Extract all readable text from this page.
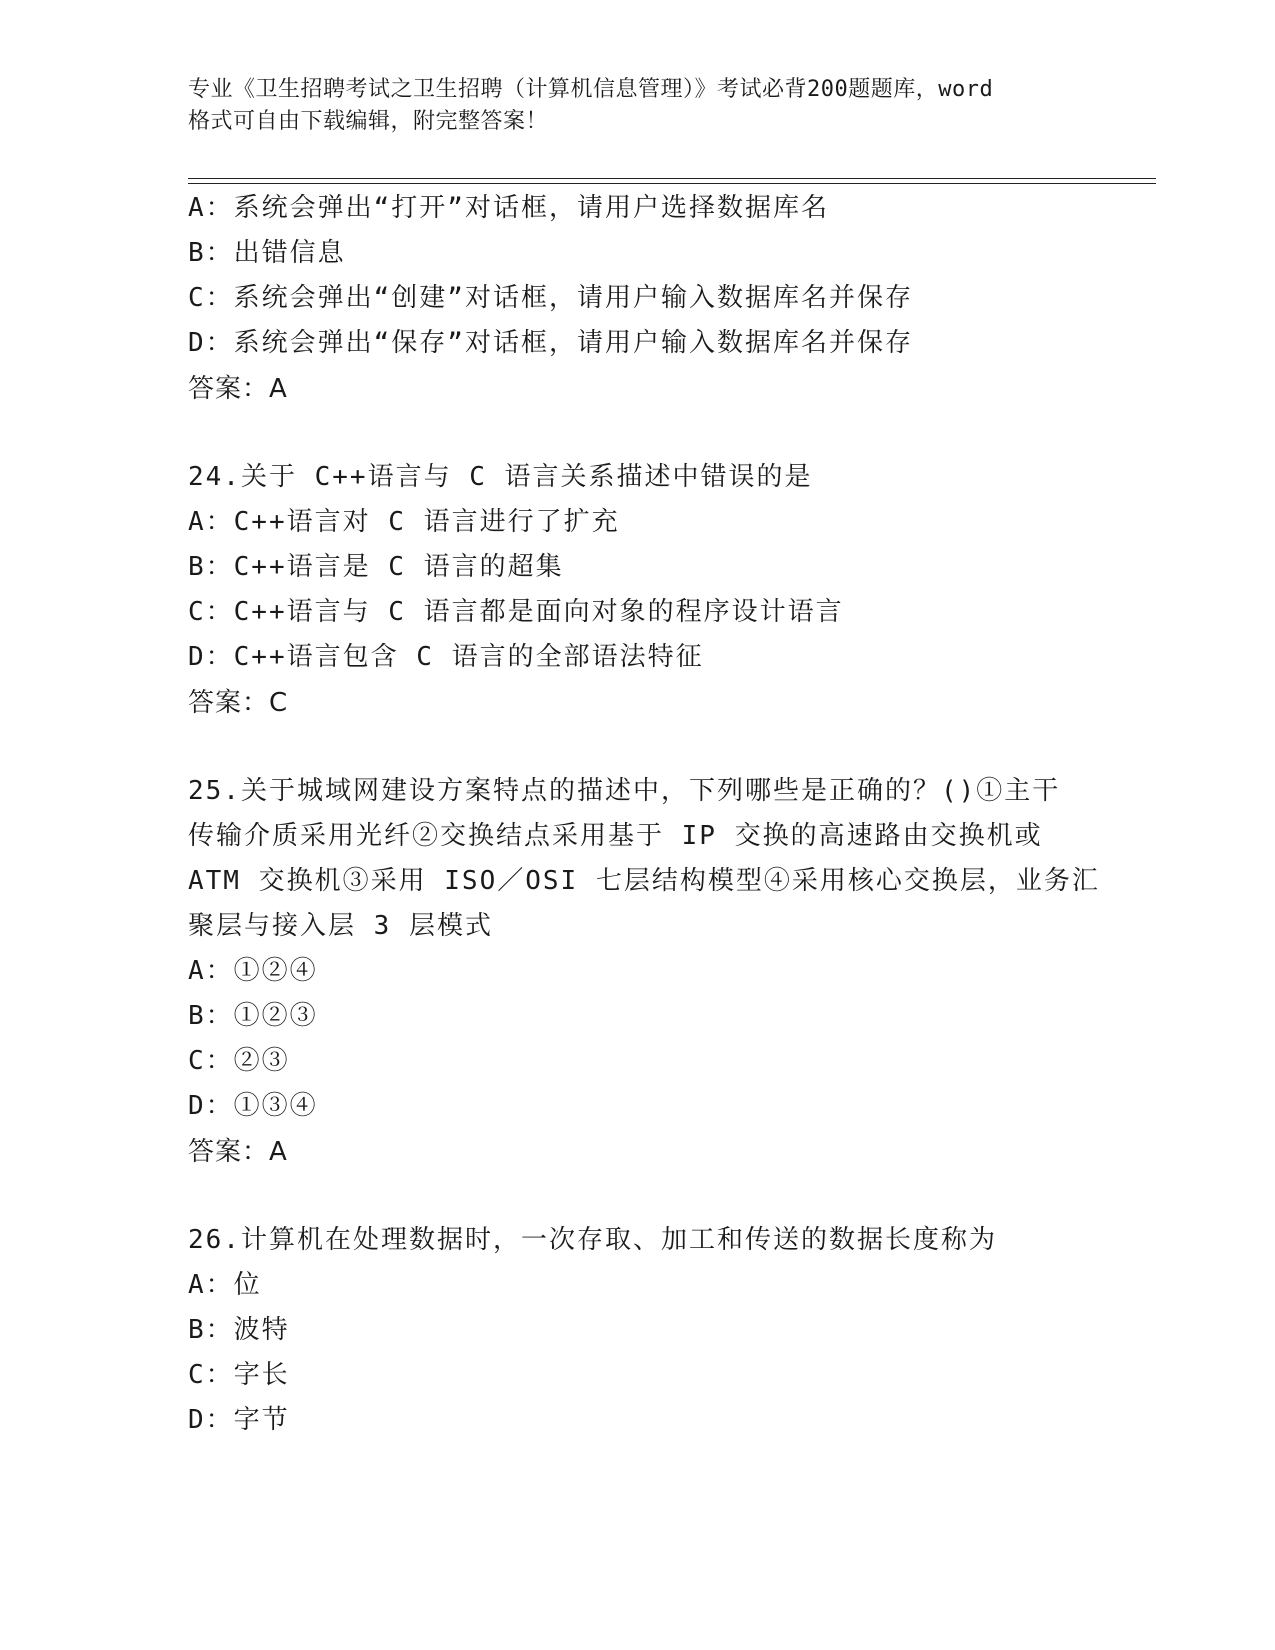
专业《卫生招聘考试之卫生招聘（计算机信息管理）》考试必背200题题库，word
格式可自由下载编辑，附完整答案！
A：系统会弹出“打开”对话框，请用户选择数据库名
B：出错信息
C：系统会弹出“创建”对话框，请用户输入数据库名并保存
D：系统会弹出“保存”对话框，请用户输入数据库名并保存
答案：A
24.关于 C++语言与 C 语言关系描述中错误的是
A：C++语言对 C 语言进行了扩充
B：C++语言是 C 语言的超集
C：C++语言与 C 语言都是面向对象的程序设计语言
D：C++语言包含 C 语言的全部语法特征
答案：C
25.关于城域网建设方案特点的描述中，下列哪些是正确的？()①主干
传输介质采用光纤②交换结点采用基于 IP 交换的高速路由交换机或
ATM 交换机③采用 ISO／OSI 七层结构模型④采用核心交换层，业务汇
聚层与接入层 3 层模式
A：①②④
B：①②③
C：②③
D：①③④
答案：A
26.计算机在处理数据时，一次存取、加工和传送的数据长度称为
A：位
B：波特
C：字长
D：字节
